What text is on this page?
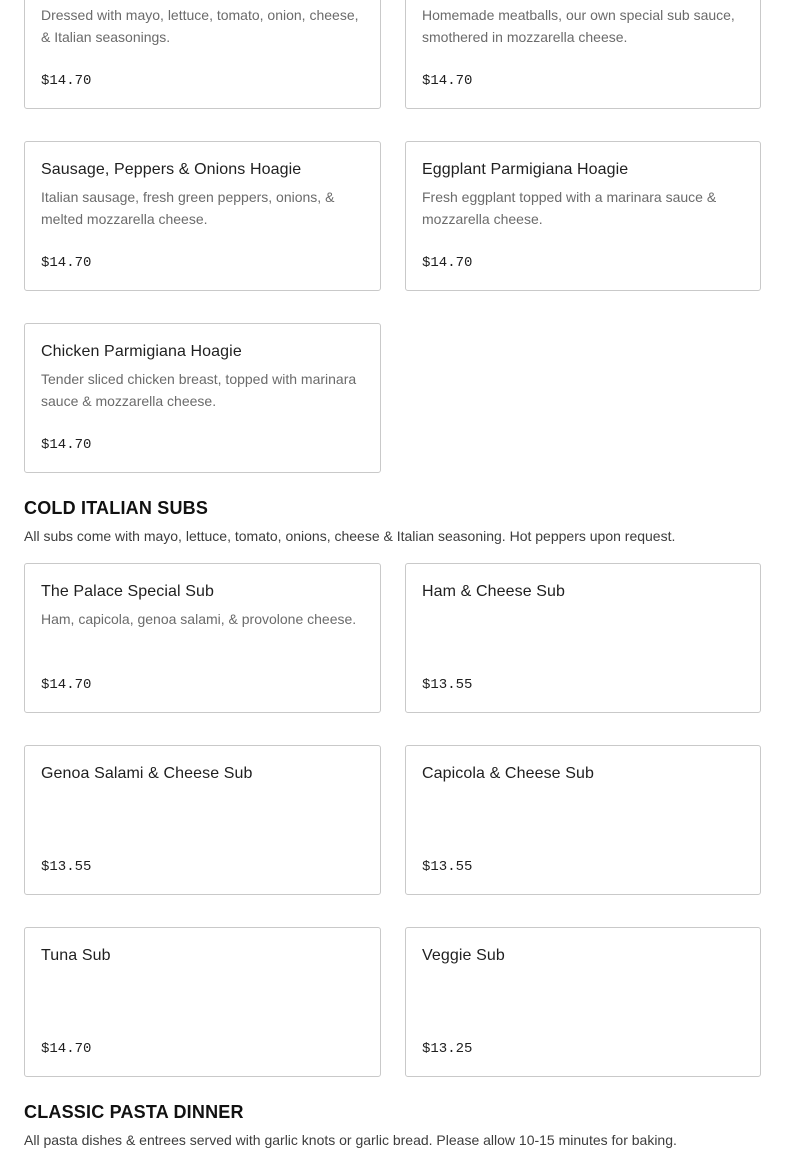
Dressed with mayo, lettuce, tomato, onion, cheese, & Italian seasonings.
$14.70
Homemade meatballs, our own special sub sauce, smothered in mozzarella cheese.
$14.70
Sausage, Peppers & Onions Hoagie
Italian sausage, fresh green peppers, onions, & melted mozzarella cheese.
$14.70
Eggplant Parmigiana Hoagie
Fresh eggplant topped with a marinara sauce & mozzarella cheese.
$14.70
Chicken Parmigiana Hoagie
Tender sliced chicken breast, topped with marinara sauce & mozzarella cheese.
$14.70
COLD ITALIAN SUBS
All subs come with mayo, lettuce, tomato, onions, cheese & Italian seasoning. Hot peppers upon request.
The Palace Special Sub
Ham, capicola, genoa salami, & provolone cheese.
$14.70
Ham & Cheese Sub
$13.55
Genoa Salami & Cheese Sub
$13.55
Capicola & Cheese Sub
$13.55
Tuna Sub
$14.70
Veggie Sub
$13.25
CLASSIC PASTA DINNER
All pasta dishes & entrees served with garlic knots or garlic bread. Please allow 10-15 minutes for baking.
